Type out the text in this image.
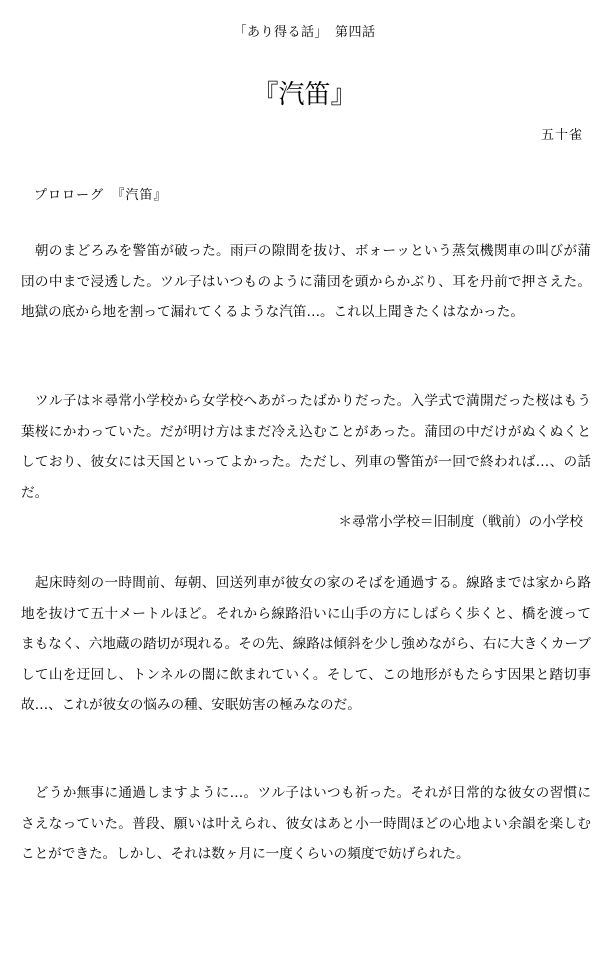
「あり得る話」　第四話
『汽笛』
五十雀
プロローグ　『汽笛』
　朝のまどろみを警笛が破った。雨戸の隙間を抜け、ボォーッという蒸気機関車の叫びが蒲団の中まで浸透した。ツル子はいつものように蒲団を頭からかぶり、耳を丹前で押さえた。地獄の底から地を割って漏れてくるような汽笛…。これ以上聞きたくはなかった。
　ツル子は＊尋常小学校から女学校へあがったばかりだった。入学式で満開だった桜はもう葉桜にかわっていた。だが明け方はまだ冷え込むことがあった。蒲団の中だけがぬくぬくとしており、彼女には天国といってよかった。ただし、列車の警笛が一回で終われば…、の話だ。
＊尋常小学校＝旧制度（戦前）の小学校
　起床時刻の一時間前、毎朝、回送列車が彼女の家のそばを通過する。線路までは家から路地を抜けて五十メートルほど。それから線路沿いに山手の方にしばらく歩くと、橋を渡ってまもなく、六地蔵の踏切が現れる。その先、線路は傾斜を少し強めながら、右に大きくカーブして山を迂回し、トンネルの闇に飲まれていく。そして、この地形がもたらす因果と踏切事故…、これが彼女の悩みの種、安眠妨害の極みなのだ。
　どうか無事に通過しますように…。ツル子はいつも祈った。それが日常的な彼女の習慣にさえなっていた。普段、願いは叶えられ、彼女はあと小一時間ほどの心地よい余韻を楽しむことができた。しかし、それは数ヶ月に一度くらいの頻度で妨げられた。
